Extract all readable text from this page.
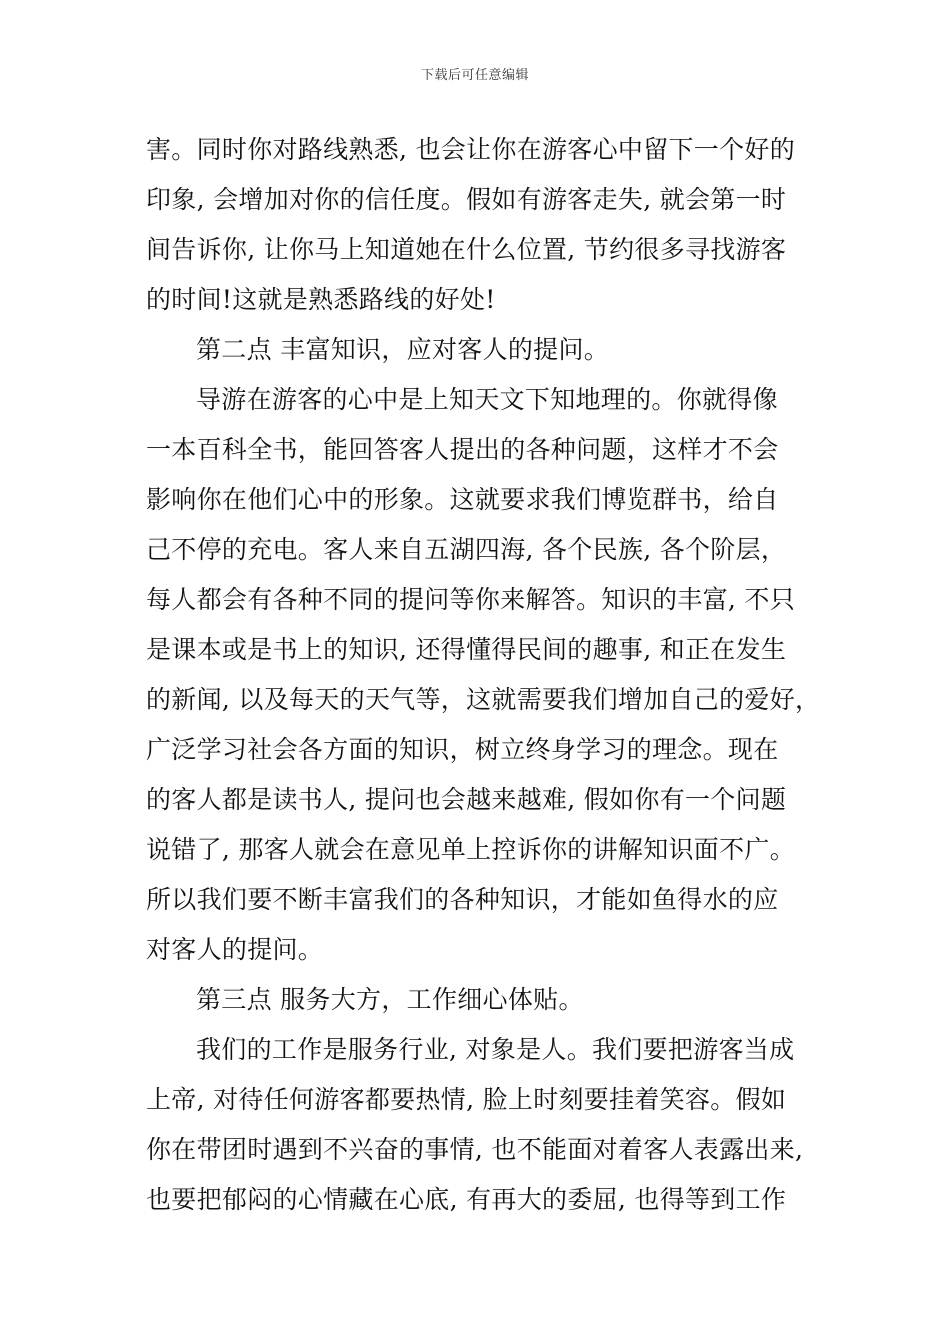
下载后可任意编辑
害。同时你对路线熟悉, 也会让你在游客心中留下一个好的
印象, 会增加对你的信任度。假如有游客走失, 就会第一时
间告诉你, 让你马上知道她在什么位置, 节约很多寻找游客
的时间!这就是熟悉路线的好处!
第二点 丰富知识，应对客人的提问。
导游在游客的心中是上知天文下知地理的。你就得像
一本百科全书，能回答客人提出的各种问题，这样才不会
影响你在他们心中的形象。这就要求我们博览群书，给自
己不停的充电。客人来自五湖四海, 各个民族, 各个阶层，
每人都会有各种不同的提问等你来解答。知识的丰富, 不只
是课本或是书上的知识, 还得懂得民间的趣事, 和正在发生
的新闻, 以及每天的天气等，这就需要我们增加自己的爱好，
广泛学习社会各方面的知识，树立终身学习的理念。现在
的客人都是读书人, 提问也会越来越难, 假如你有一个问题
说错了, 那客人就会在意见单上控诉你的讲解知识面不广。
所以我们要不断丰富我们的各种知识，才能如鱼得水的应
对客人的提问。
第三点 服务大方，工作细心体贴。
我们的工作是服务行业, 对象是人。我们要把游客当成
上帝, 对待任何游客都要热情, 脸上时刻要挂着笑容。假如
你在带团时遇到不兴奋的事情, 也不能面对着客人表露出来,
也要把郁闷的心情藏在心底, 有再大的委屈, 也得等到工作
